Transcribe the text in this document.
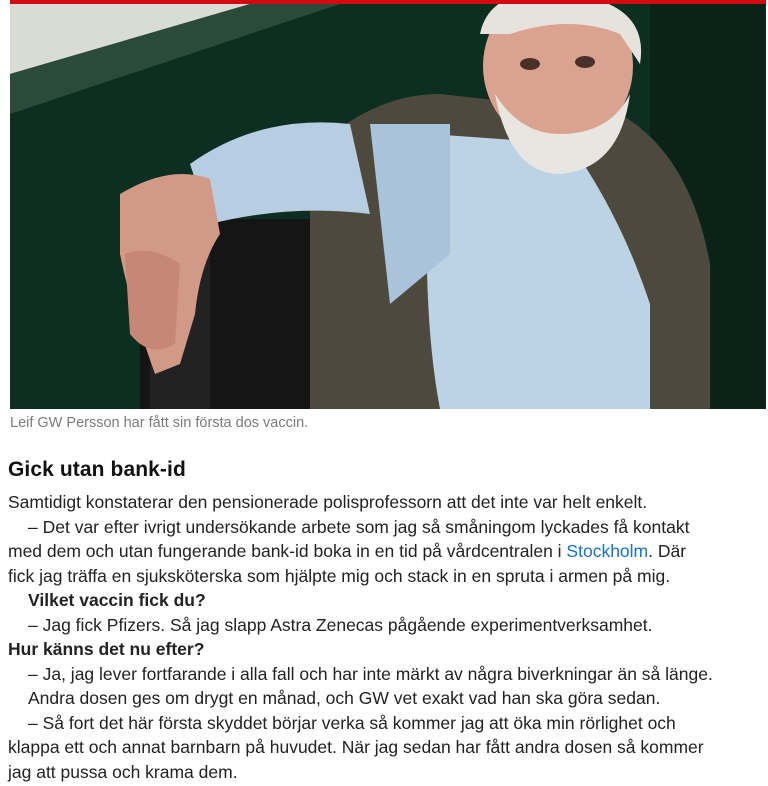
Leif GW Persson har fått sin första dos vaccin.
Gick utan bank-id

Samtidigt konstaterar den pensionerade polisprofessorn att det inte var helt enkelt.

– Det var efter ivrigt undersökande arbete som jag så småningom lyckades få kontakt
med dem och utan fungerande bank-id boka in en tid på vårdcentralen i Stockholm. Där
fick jag träffa en sjuksköterska som hjälpte mig och stack in en spruta i armen på mig.

Vilket vaccin fick du?

– Jag fick Pfizers. Så jag slapp Astra Zenecas pågående experimentverksamhet.

Hur känns det nu efter?

– Ja, jag lever fortfarande i alla fall och har inte märkt av några biverkningar än så länge.

Andra dosen ges om drygt en månad, och GW vet exakt vad han ska göra sedan.

– Så fort det här första skyddet börjar verka så kommer jag att öka min rörlighet och
klappa ett och annat barnbarn på huvudet. När jag sedan har fått andra dosen så kommer
jag att pussa och krama dem.
